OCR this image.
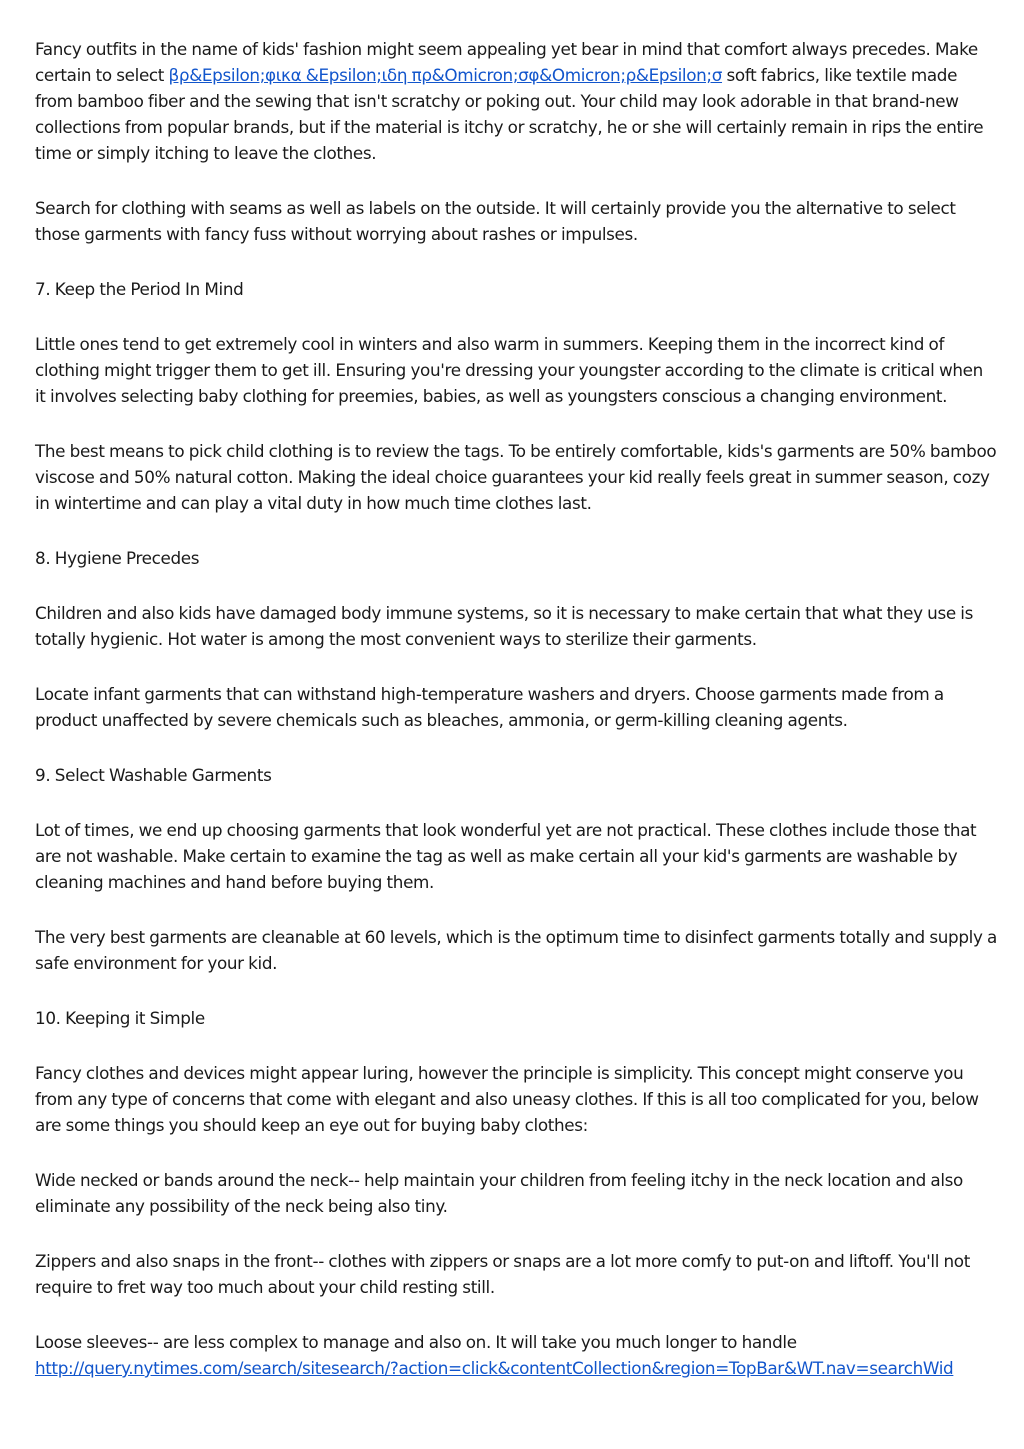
Fancy outfits in the name of kids' fashion might seem appealing yet bear in mind that comfort always precedes. Make certain to select βρ&Epsilon;φικα &Epsilon;ιδη πρ&Omicron;σφ&Omicron;ρ&Epsilon;σ soft fabrics, like textile made from bamboo fiber and the sewing that isn't scratchy or poking out. Your child may look adorable in that brand-new collections from popular brands, but if the material is itchy or scratchy, he or she will certainly remain in rips the entire time or simply itching to leave the clothes.

Search for clothing with seams as well as labels on the outside. It will certainly provide you the alternative to select those garments with fancy fuss without worrying about rashes or impulses.

7. Keep the Period In Mind

Little ones tend to get extremely cool in winters and also warm in summers. Keeping them in the incorrect kind of clothing might trigger them to get ill. Ensuring you're dressing your youngster according to the climate is critical when it involves selecting baby clothing for preemies, babies, as well as youngsters conscious a changing environment.

The best means to pick child clothing is to review the tags. To be entirely comfortable, kids's garments are 50% bamboo viscose and 50% natural cotton. Making the ideal choice guarantees your kid really feels great in summer season, cozy in wintertime and can play a vital duty in how much time clothes last.

8. Hygiene Precedes

Children and also kids have damaged body immune systems, so it is necessary to make certain that what they use is totally hygienic. Hot water is among the most convenient ways to sterilize their garments.

Locate infant garments that can withstand high-temperature washers and dryers. Choose garments made from a product unaffected by severe chemicals such as bleaches, ammonia, or germ-killing cleaning agents.

9. Select Washable Garments

Lot of times, we end up choosing garments that look wonderful yet are not practical. These clothes include those that are not washable. Make certain to examine the tag as well as make certain all your kid's garments are washable by cleaning machines and hand before buying them.

The very best garments are cleanable at 60 levels, which is the optimum time to disinfect garments totally and supply a safe environment for your kid.

10. Keeping it Simple

Fancy clothes and devices might appear luring, however the principle is simplicity. This concept might conserve you from any type of concerns that come with elegant and also uneasy clothes. If this is all too complicated for you, below are some things you should keep an eye out for buying baby clothes:

Wide necked or bands around the neck-- help maintain your children from feeling itchy in the neck location and also eliminate any possibility of the neck being also tiny.

Zippers and also snaps in the front-- clothes with zippers or snaps are a lot more comfy to put-on and liftoff. You'll not require to fret way too much about your child resting still.

Loose sleeves-- are less complex to manage and also on. It will take you much longer to handle
http://query.nytimes.com/search/sitesearch/?action=click&contentCollection&region=TopBar&WT.nav=searchWid
